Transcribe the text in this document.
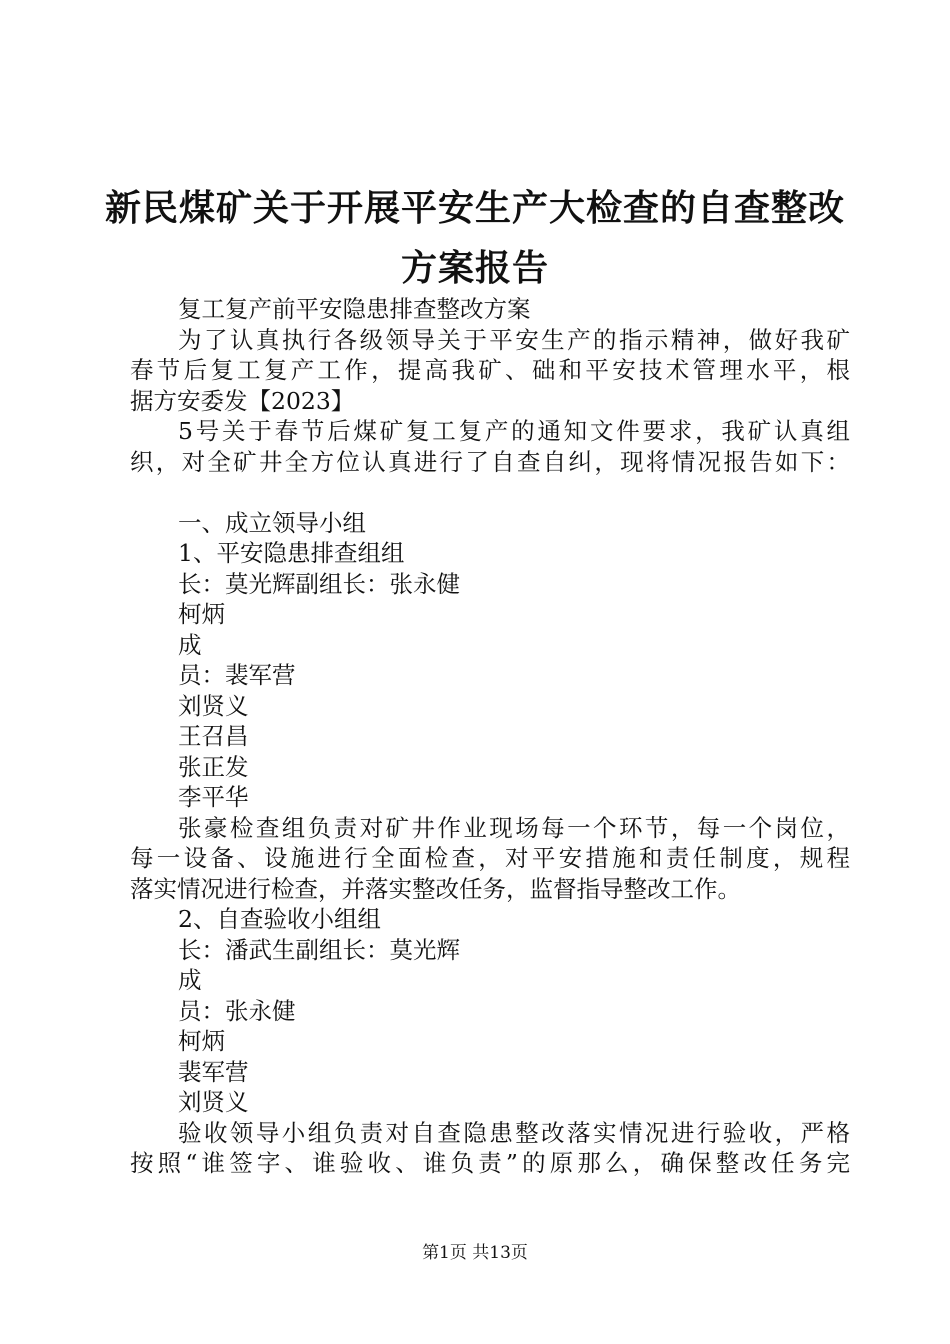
新民煤矿关于开展平安生产大检查的自查整改
方案报告

复工复产前平安隐患排查整改方案

为了认真执行各级领导关于平安生产的指示精神，做好我矿

春节后复工复产工作，提高我矿、础和平安技术管理水平，根

据方安委发【2023】

5号关于春节后煤矿复工复产的通知文件要求，我矿认真组

织，对全矿井全方位认真进行了自查自纠，现将情况报告如下：

一、成立领导小组

1、平安隐患排查组组

长：莫光辉副组长：张永健

柯炳

成

员：裴军营

刘贤义

王召昌

张正发

李平华

张豪检查组负责对矿井作业现场每一个环节，每一个岗位，

每一设备、设施进行全面检查，对平安措施和责任制度，规程

落实情况进行检查，并落实整改任务，监督指导整改工作。

2、自查验收小组组

长：潘武生副组长：莫光辉

成

员：张永健

柯炳

裴军营

刘贤义

验收领导小组负责对自查隐患整改落实情况进行验收，严格

按照“谁签字、谁验收、谁负责”的原那么，确保整改任务完

第1页 共13页
